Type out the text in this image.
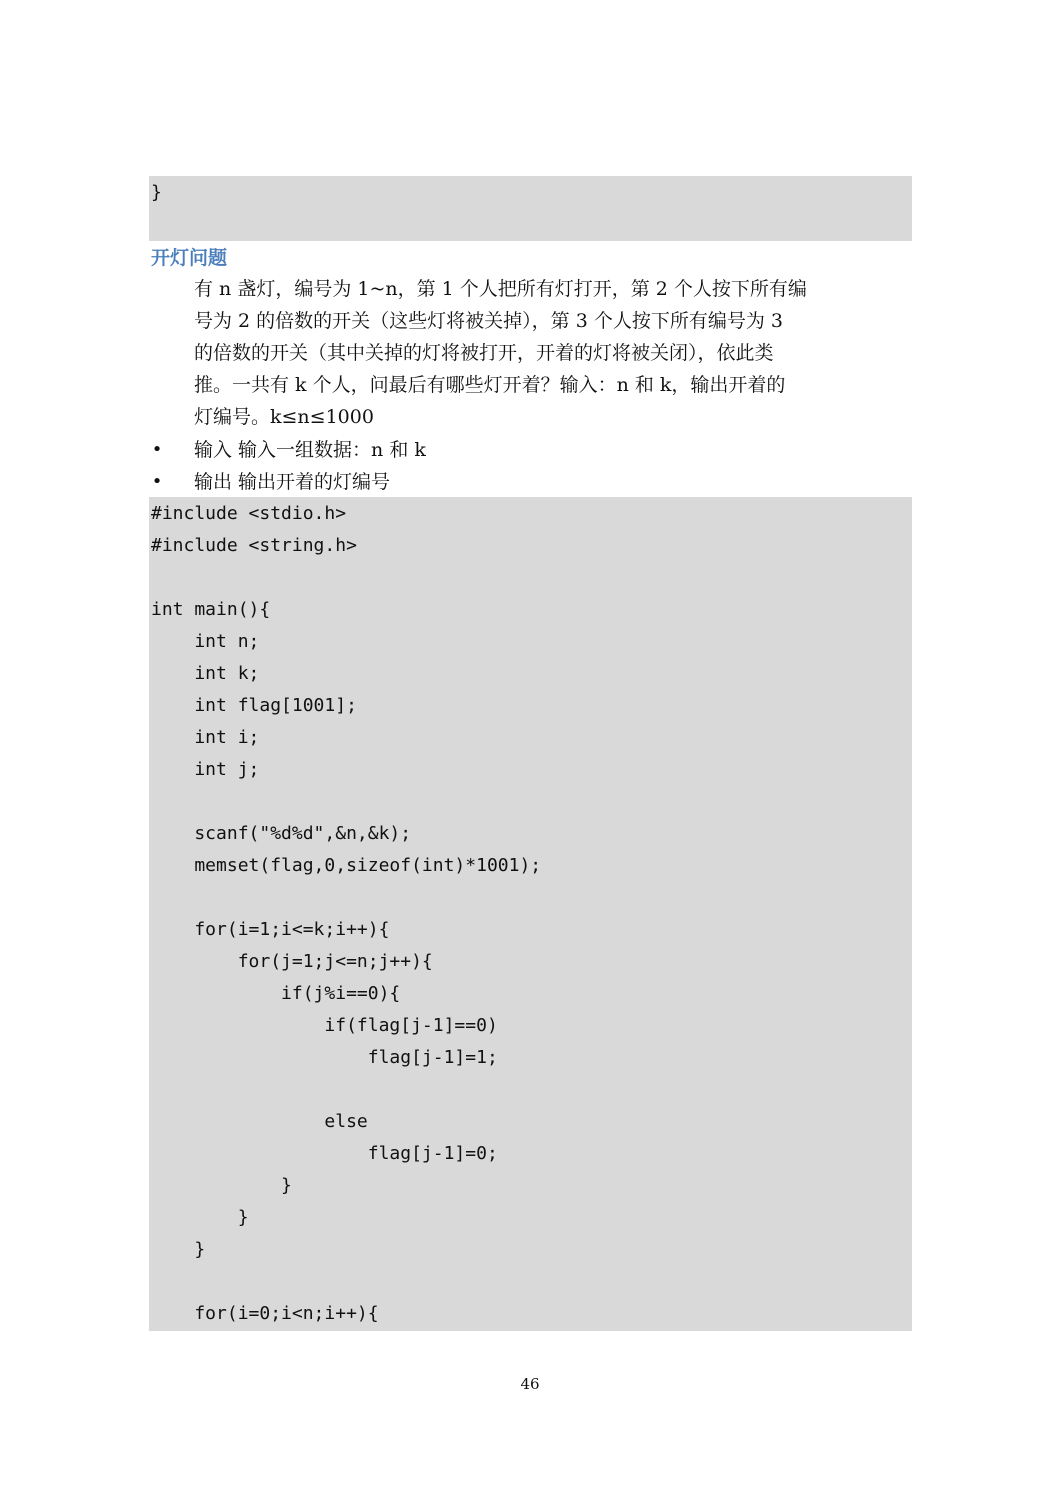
}
开灯问题
有 n 盏灯，编号为 1~n，第 1 个人把所有灯打开，第 2 个人按下所有编
号为 2 的倍数的开关（这些灯将被关掉），第 3 个人按下所有编号为 3
的倍数的开关（其中关掉的灯将被打开，开着的灯将被关闭），依此类
推。一共有 k 个人，问最后有哪些灯开着？输入：n 和 k，输出开着的
灯编号。k≤n≤1000
• 输入 输入一组数据：n 和 k
• 输出 输出开着的灯编号
#include <stdio.h>
#include <string.h>
int main(){
int n;
int k;
int flag[1001];
int i;
int j;
scanf("%d%d",&n,&k);
memset(flag,0,sizeof(int)*1001);
for(i=1;i<=k;i++){
for(j=1;j<=n;j++){
if(j%i==0){
if(flag[j-1]==0)
flag[j-1]=1;
else
flag[j-1]=0;
}
}
}
for(i=0;i<n;i++){
46
